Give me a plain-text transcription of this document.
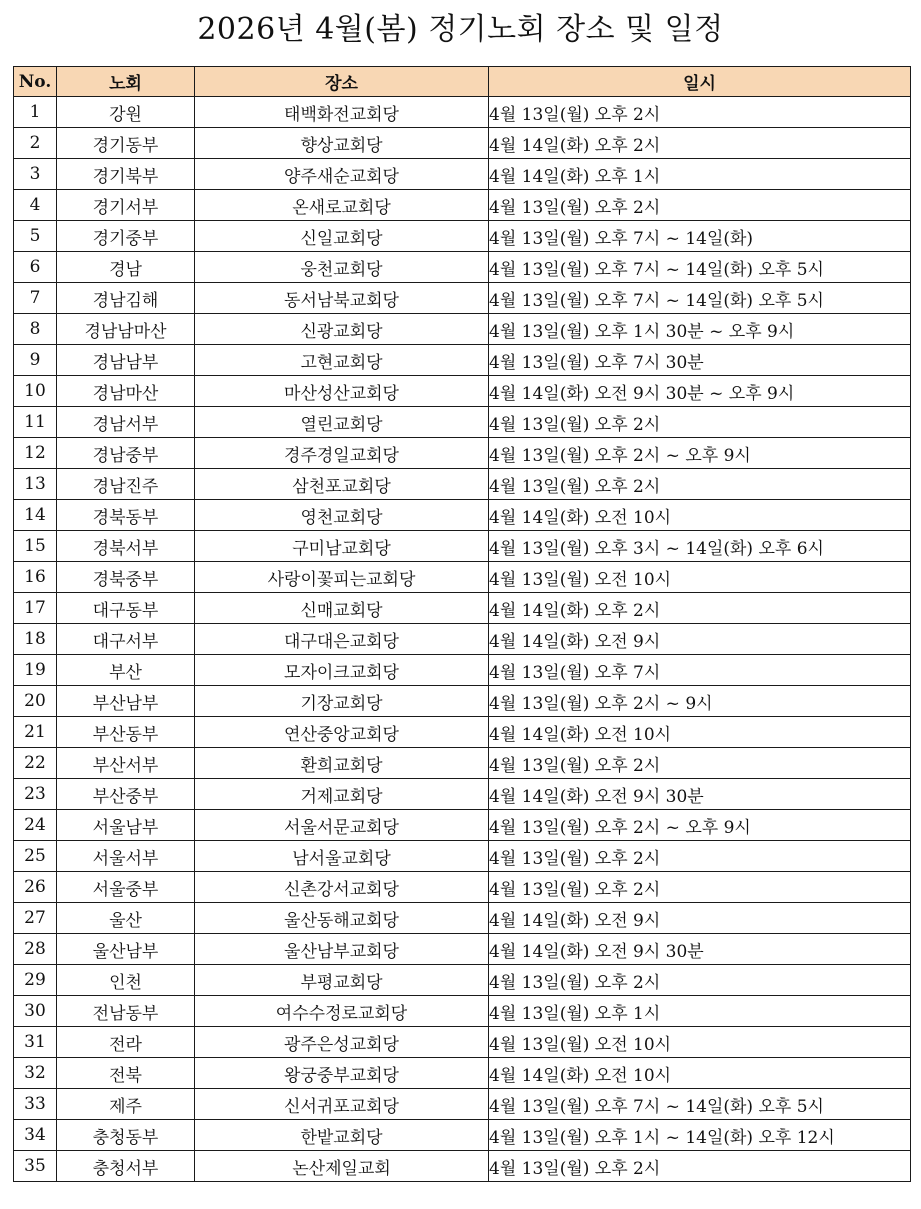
2026년 4월(봄) 정기노회 장소 및 일정
No.	노회	장소	일시
1	강원	태백화전교회당	4월 13일(월) 오후 2시
2	경기동부	향상교회당	4월 14일(화) 오후 2시
3	경기북부	양주새순교회당	4월 14일(화) 오후 1시
4	경기서부	온새로교회당	4월 13일(월) 오후 2시
5	경기중부	신일교회당	4월 13일(월) 오후 7시 ~ 14일(화)
6	경남	웅천교회당	4월 13일(월) 오후 7시 ~ 14일(화) 오후 5시
7	경남김해	동서남북교회당	4월 13일(월) 오후 7시 ~ 14일(화) 오후 5시
8	경남남마산	신광교회당	4월 13일(월) 오후 1시 30분 ~ 오후 9시
9	경남남부	고현교회당	4월 13일(월) 오후 7시 30분
10	경남마산	마산성산교회당	4월 14일(화) 오전 9시 30분 ~ 오후 9시
11	경남서부	열린교회당	4월 13일(월) 오후 2시
12	경남중부	경주경일교회당	4월 13일(월) 오후 2시 ~ 오후 9시
13	경남진주	삼천포교회당	4월 13일(월) 오후 2시
14	경북동부	영천교회당	4월 14일(화) 오전 10시
15	경북서부	구미남교회당	4월 13일(월) 오후 3시 ~ 14일(화) 오후 6시
16	경북중부	사랑이꽃피는교회당	4월 13일(월) 오전 10시
17	대구동부	신매교회당	4월 14일(화) 오후 2시
18	대구서부	대구대은교회당	4월 14일(화) 오전 9시
19	부산	모자이크교회당	4월 13일(월) 오후 7시
20	부산남부	기장교회당	4월 13일(월) 오후 2시 ~ 9시
21	부산동부	연산중앙교회당	4월 14일(화) 오전 10시
22	부산서부	환희교회당	4월 13일(월) 오후 2시
23	부산중부	거제교회당	4월 14일(화) 오전 9시 30분
24	서울남부	서울서문교회당	4월 13일(월) 오후 2시 ~ 오후 9시
25	서울서부	남서울교회당	4월 13일(월) 오후 2시
26	서울중부	신촌강서교회당	4월 13일(월) 오후 2시
27	울산	울산동해교회당	4월 14일(화) 오전 9시
28	울산남부	울산남부교회당	4월 14일(화) 오전 9시 30분
29	인천	부평교회당	4월 13일(월) 오후 2시
30	전남동부	여수수정로교회당	4월 13일(월) 오후 1시
31	전라	광주은성교회당	4월 13일(월) 오전 10시
32	전북	왕궁중부교회당	4월 14일(화) 오전 10시
33	제주	신서귀포교회당	4월 13일(월) 오후 7시 ~ 14일(화) 오후 5시
34	충청동부	한밭교회당	4월 13일(월) 오후 1시 ~ 14일(화) 오후 12시
35	충청서부	논산제일교회	4월 13일(월) 오후 2시
